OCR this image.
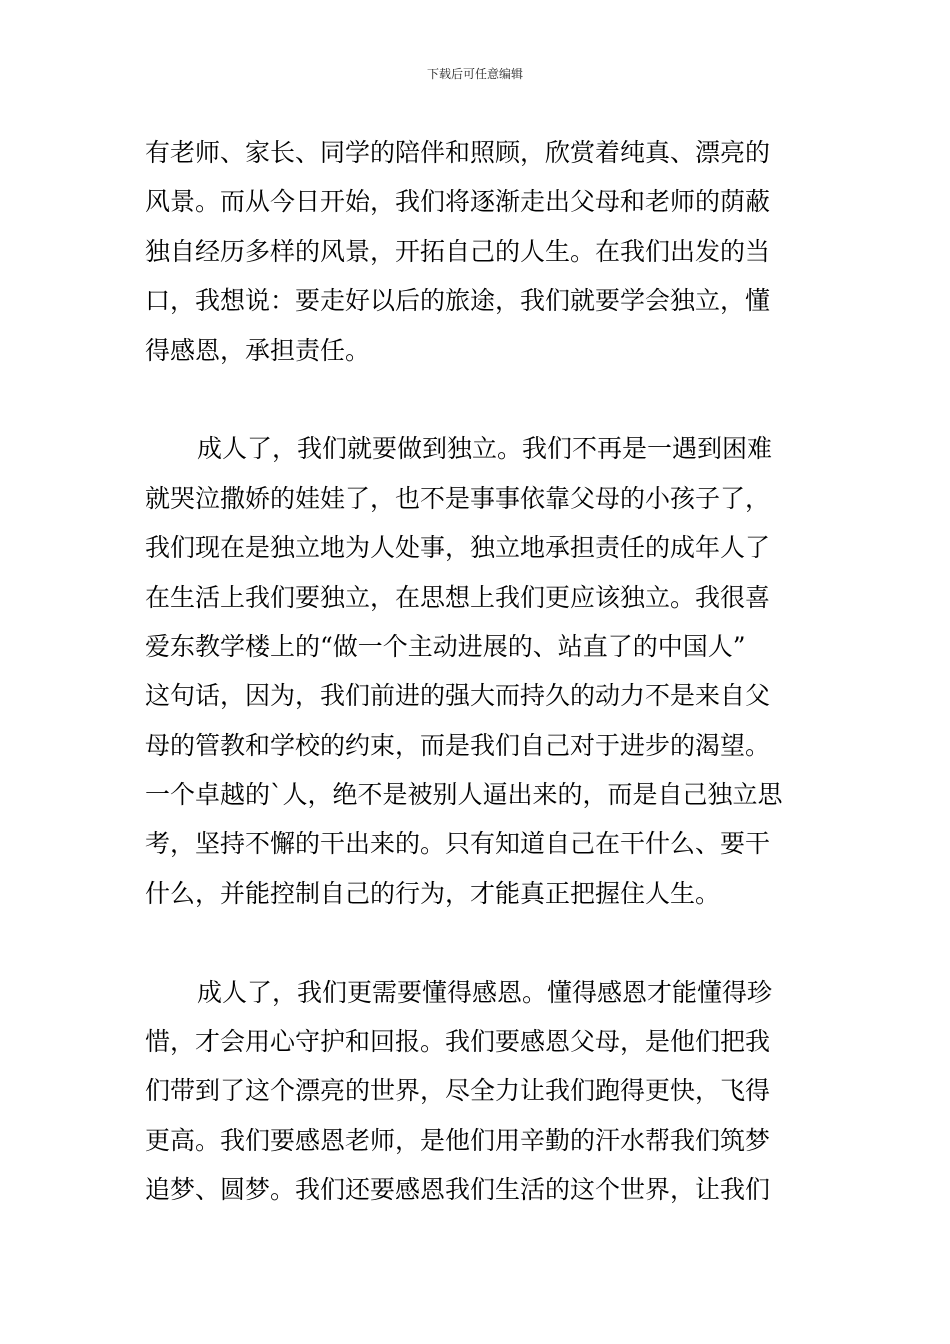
下载后可任意编辑
有老师、家长、同学的陪伴和照顾，欣赏着纯真、漂亮的
风景。而从今日开始，我们将逐渐走出父母和老师的荫蔽
独自经历多样的风景，开拓自己的人生。在我们出发的当
口，我想说：要走好以后的旅途，我们就要学会独立，懂
得感恩，承担责任。
成人了，我们就要做到独立。我们不再是一遇到困难
就哭泣撒娇的娃娃了，也不是事事依靠父母的小孩子了，
我们现在是独立地为人处事，独立地承担责任的成年人了
在生活上我们要独立，在思想上我们更应该独立。我很喜
爱东教学楼上的“做一个主动进展的、站直了的中国人”
这句话，因为，我们前进的强大而持久的动力不是来自父
母的管教和学校的约束，而是我们自己对于进步的渴望。
一个卓越的`人，绝不是被别人逼出来的，而是自己独立思
考，坚持不懈的干出来的。只有知道自己在干什么、要干
什么，并能控制自己的行为，才能真正把握住人生。
成人了，我们更需要懂得感恩。懂得感恩才能懂得珍
惜，才会用心守护和回报。我们要感恩父母，是他们把我
们带到了这个漂亮的世界，尽全力让我们跑得更快，飞得
更高。我们要感恩老师，是他们用辛勤的汗水帮我们筑梦
追梦、圆梦。我们还要感恩我们生活的这个世界，让我们
